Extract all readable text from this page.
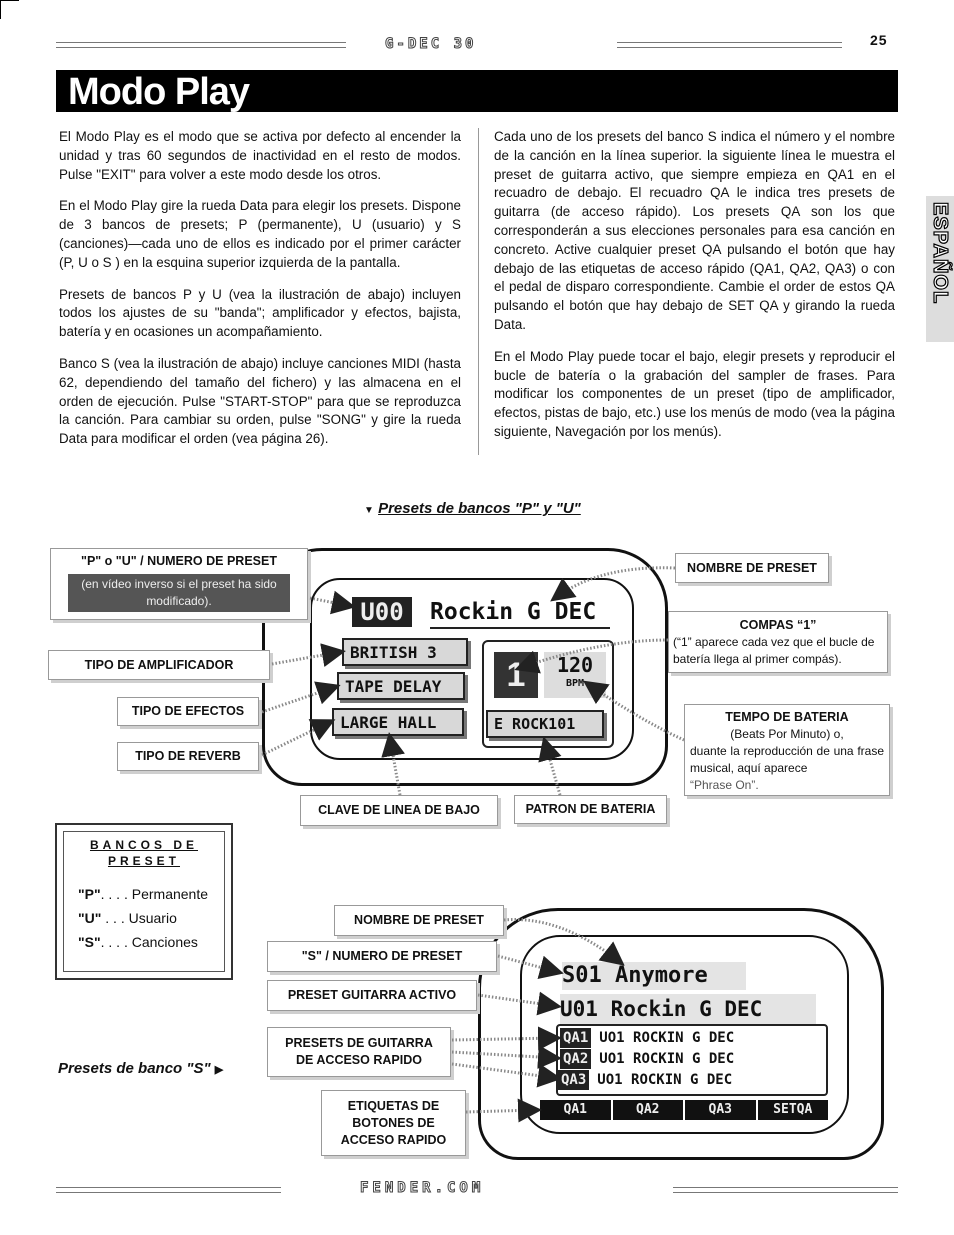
G-DEC 30	25
Modo Play
ESPAÑOL

El Modo Play es el modo que se activa por defecto al encender la unidad y tras 60 segundos de inactividad en el resto de modos. Pulse "EXIT" para volver a este modo desde los otros.

En el Modo Play gire la rueda Data para elegir los presets. Dispone de 3 bancos de presets; P (permanente), U (usuario) y S (canciones)—cada uno de ellos es indicado por el primer carácter (P, U o S ) en la esquina superior izquierda de la pantalla.

Presets de bancos P y U (vea la ilustración de abajo) incluyen todos los ajustes de su "banda"; amplificador y efectos, bajista, batería y en ocasiones un acompañamiento.

Banco S (vea la ilustración de abajo) incluye canciones MIDI (hasta 62, dependiendo del tamaño del fichero) y las almacena en el orden de ejecución. Pulse "START-STOP" para que se reproduzca la canción. Para cambiar su orden, pulse "SONG" y gire la rueda Data para modificar el orden (vea página 26).

Cada uno de los presets del banco S indica el número y el nombre de la canción en la línea superior. la siguiente línea le muestra el preset de guitarra activo, que siempre empieza en QA1 en el recuadro de debajo. El recuadro QA le indica tres presets de guitarra (de acceso rápido). Los presets QA son los que corresponderán a sus elecciones personales para esa canción en concreto. Active cualquier preset QA pulsando el botón que hay debajo de las etiquetas de acceso rápido (QA1, QA2, QA3) o con el pedal de disparo correspondiente. Cambie el order de estos QA pulsando el botón que hay debajo de SET QA y girando la rueda Data.

En el Modo Play puede tocar el bajo, elegir presets y reproducir el bucle de batería o la grabación del sampler de frases. Para modificar los componentes de un preset (tipo de amplificador, efectos, pistas de bajo, etc.) use los menús de modo (vea la página siguiente, Navegación por los menús).

▼ Presets de bancos "P" y "U"
U00	Rockin G DEC
BRITISH 3
TAPE DELAY
LARGE HALL
1	120
BPM
E ROCK101
"P" o "U" / NUMERO DE PRESET
(en vídeo inverso si el preset ha sido modificado).
NOMBRE DE PRESET
COMPAS “1”
(“1” aparece cada vez que el bucle de batería llega al primer compás).
TIPO DE AMPLIFICADOR
TIPO DE EFECTOS
TIPO DE REVERB
TEMPO DE BATERIA
(Beats Por Minuto) o,
duante la reproducción de una frase musical, aquí aparece
“Phrase On”.
CLAVE DE LINEA DE BAJO	PATRON DE BATERIA
BANCOS DE
PRESET
"P". . . . Permanente
"U" . . . Usuario
"S". . . . Canciones
Presets de banco "S" ▶
S01 Anymore
U01 Rockin G DEC
QA1 UO1 ROCKIN G DEC
QA2 UO1 ROCKIN G DEC
QA3 UO1 ROCKIN G DEC
QA1	QA2	QA3	SETQA
NOMBRE DE PRESET
"S" / NUMERO DE PRESET
PRESET GUITARRA ACTIVO
PRESETS DE GUITARRA DE ACCESO RAPIDO
ETIQUETAS DE BOTONES DE ACCESO RAPIDO
FENDER.COM
